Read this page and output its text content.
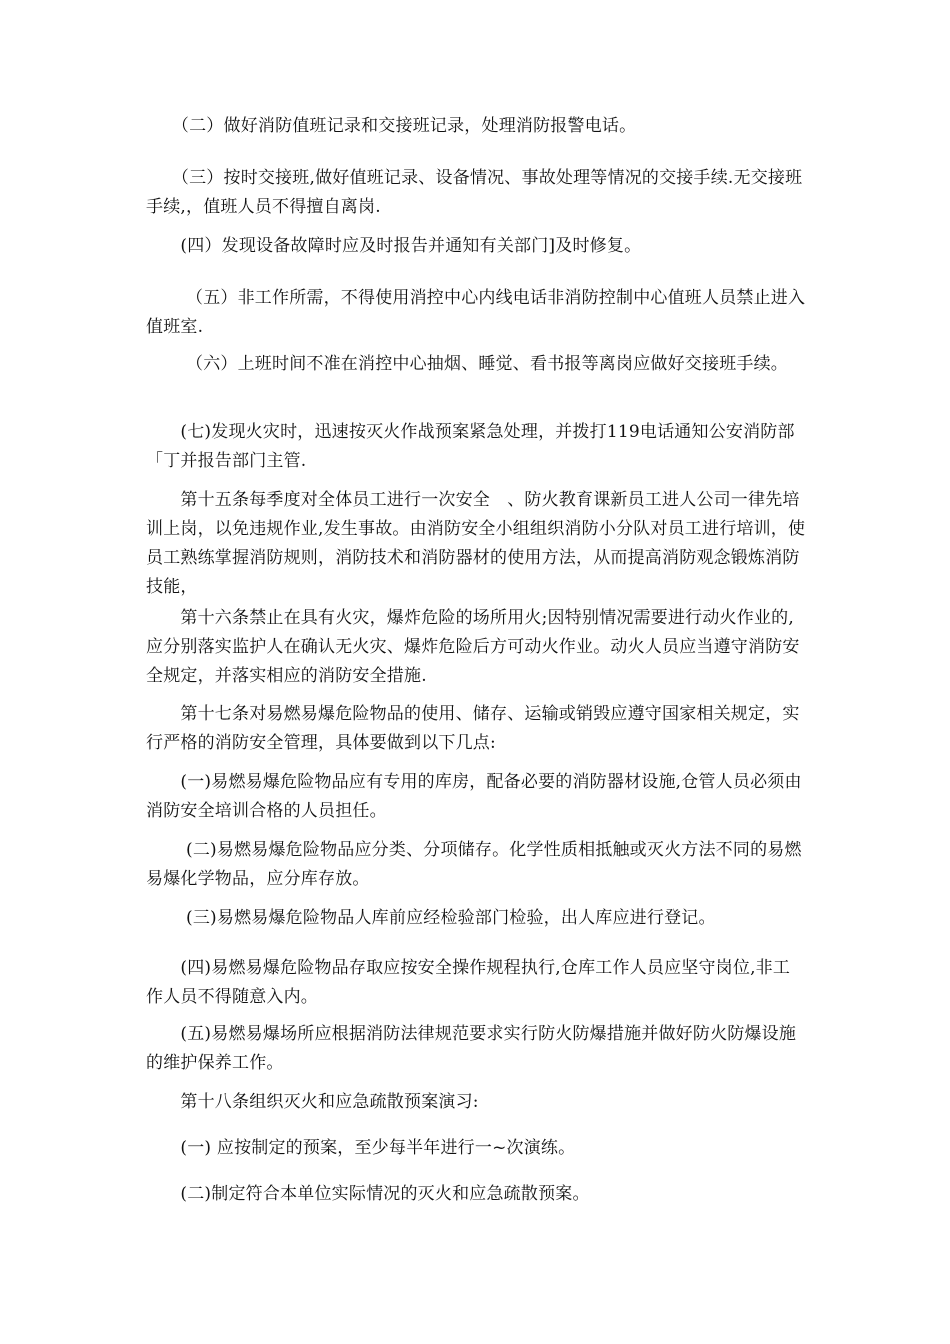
　　（二）做好消防值班记录和交接班记录，处理消防报警电话。

　　（三）按时交接班,做好值班记录、设备情况、事故处理等情况的交接手续.无交接班手续,，值班人员不得擅自离岗.

　　(四）发现设备故障时应及时报告并通知有关部门]及时修复。

　　 （五）非工作所需，不得使用消控中心内线电话非消防控制中心值班人员禁止进入值班室.

　　 （六）上班时间不准在消控中心抽烟、睡觉、看书报等离岗应做好交接班手续。

　　(七)发现火灾时，迅速按灭火作战预案紧急处理，并拨打119电话通知公安消防部「丁并报告部门主管.

　　第十五条每季度对全体员工进行一次安全　、防火教育课新员工进人公司一律先培训上岗，以免违规作业,发生事故。由消防安全小组组织消防小分队对员工进行培训，使员工熟练掌握消防规则，消防技术和消防器材的使用方法，从而提高消防观念锻炼消防技能，

　　第十六条禁止在具有火灾，爆炸危险的场所用火;因特别情况需要进行动火作业的,应分别落实监护人在确认无火灾、爆炸危险后方可动火作业。动火人员应当遵守消防安全规定，并落实相应的消防安全措施.

　　第十七条对易燃易爆危险物品的使用、储存、运输或销毁应遵守国家相关规定，实行严格的消防安全管理，具体要做到以下几点:

　　(一)易燃易爆危险物品应有专用的库房，配备必要的消防器材设施,仓管人员必须由消防安全培训合格的人员担任。

　　 (二)易燃易爆危险物品应分类、分项储存。化学性质相抵触或灭火方法不同的易燃易爆化学物品，应分库存放。

　　 (三)易燃易爆危险物品人库前应经检验部门检验，出人库应进行登记。

　　(四)易燃易爆危险物品存取应按安全操作规程执行,仓库工作人员应坚守岗位,非工作人员不得随意入内。

　　(五)易燃易爆场所应根据消防法律规范要求实行防火防爆措施并做好防火防爆设施的维护保养工作。

　　第十八条组织灭火和应急疏散预案演习:

　　(一) 应按制定的预案，至少每半年进行一~次演练。

　　(二)制定符合本单位实际情况的灭火和应急疏散预案。
